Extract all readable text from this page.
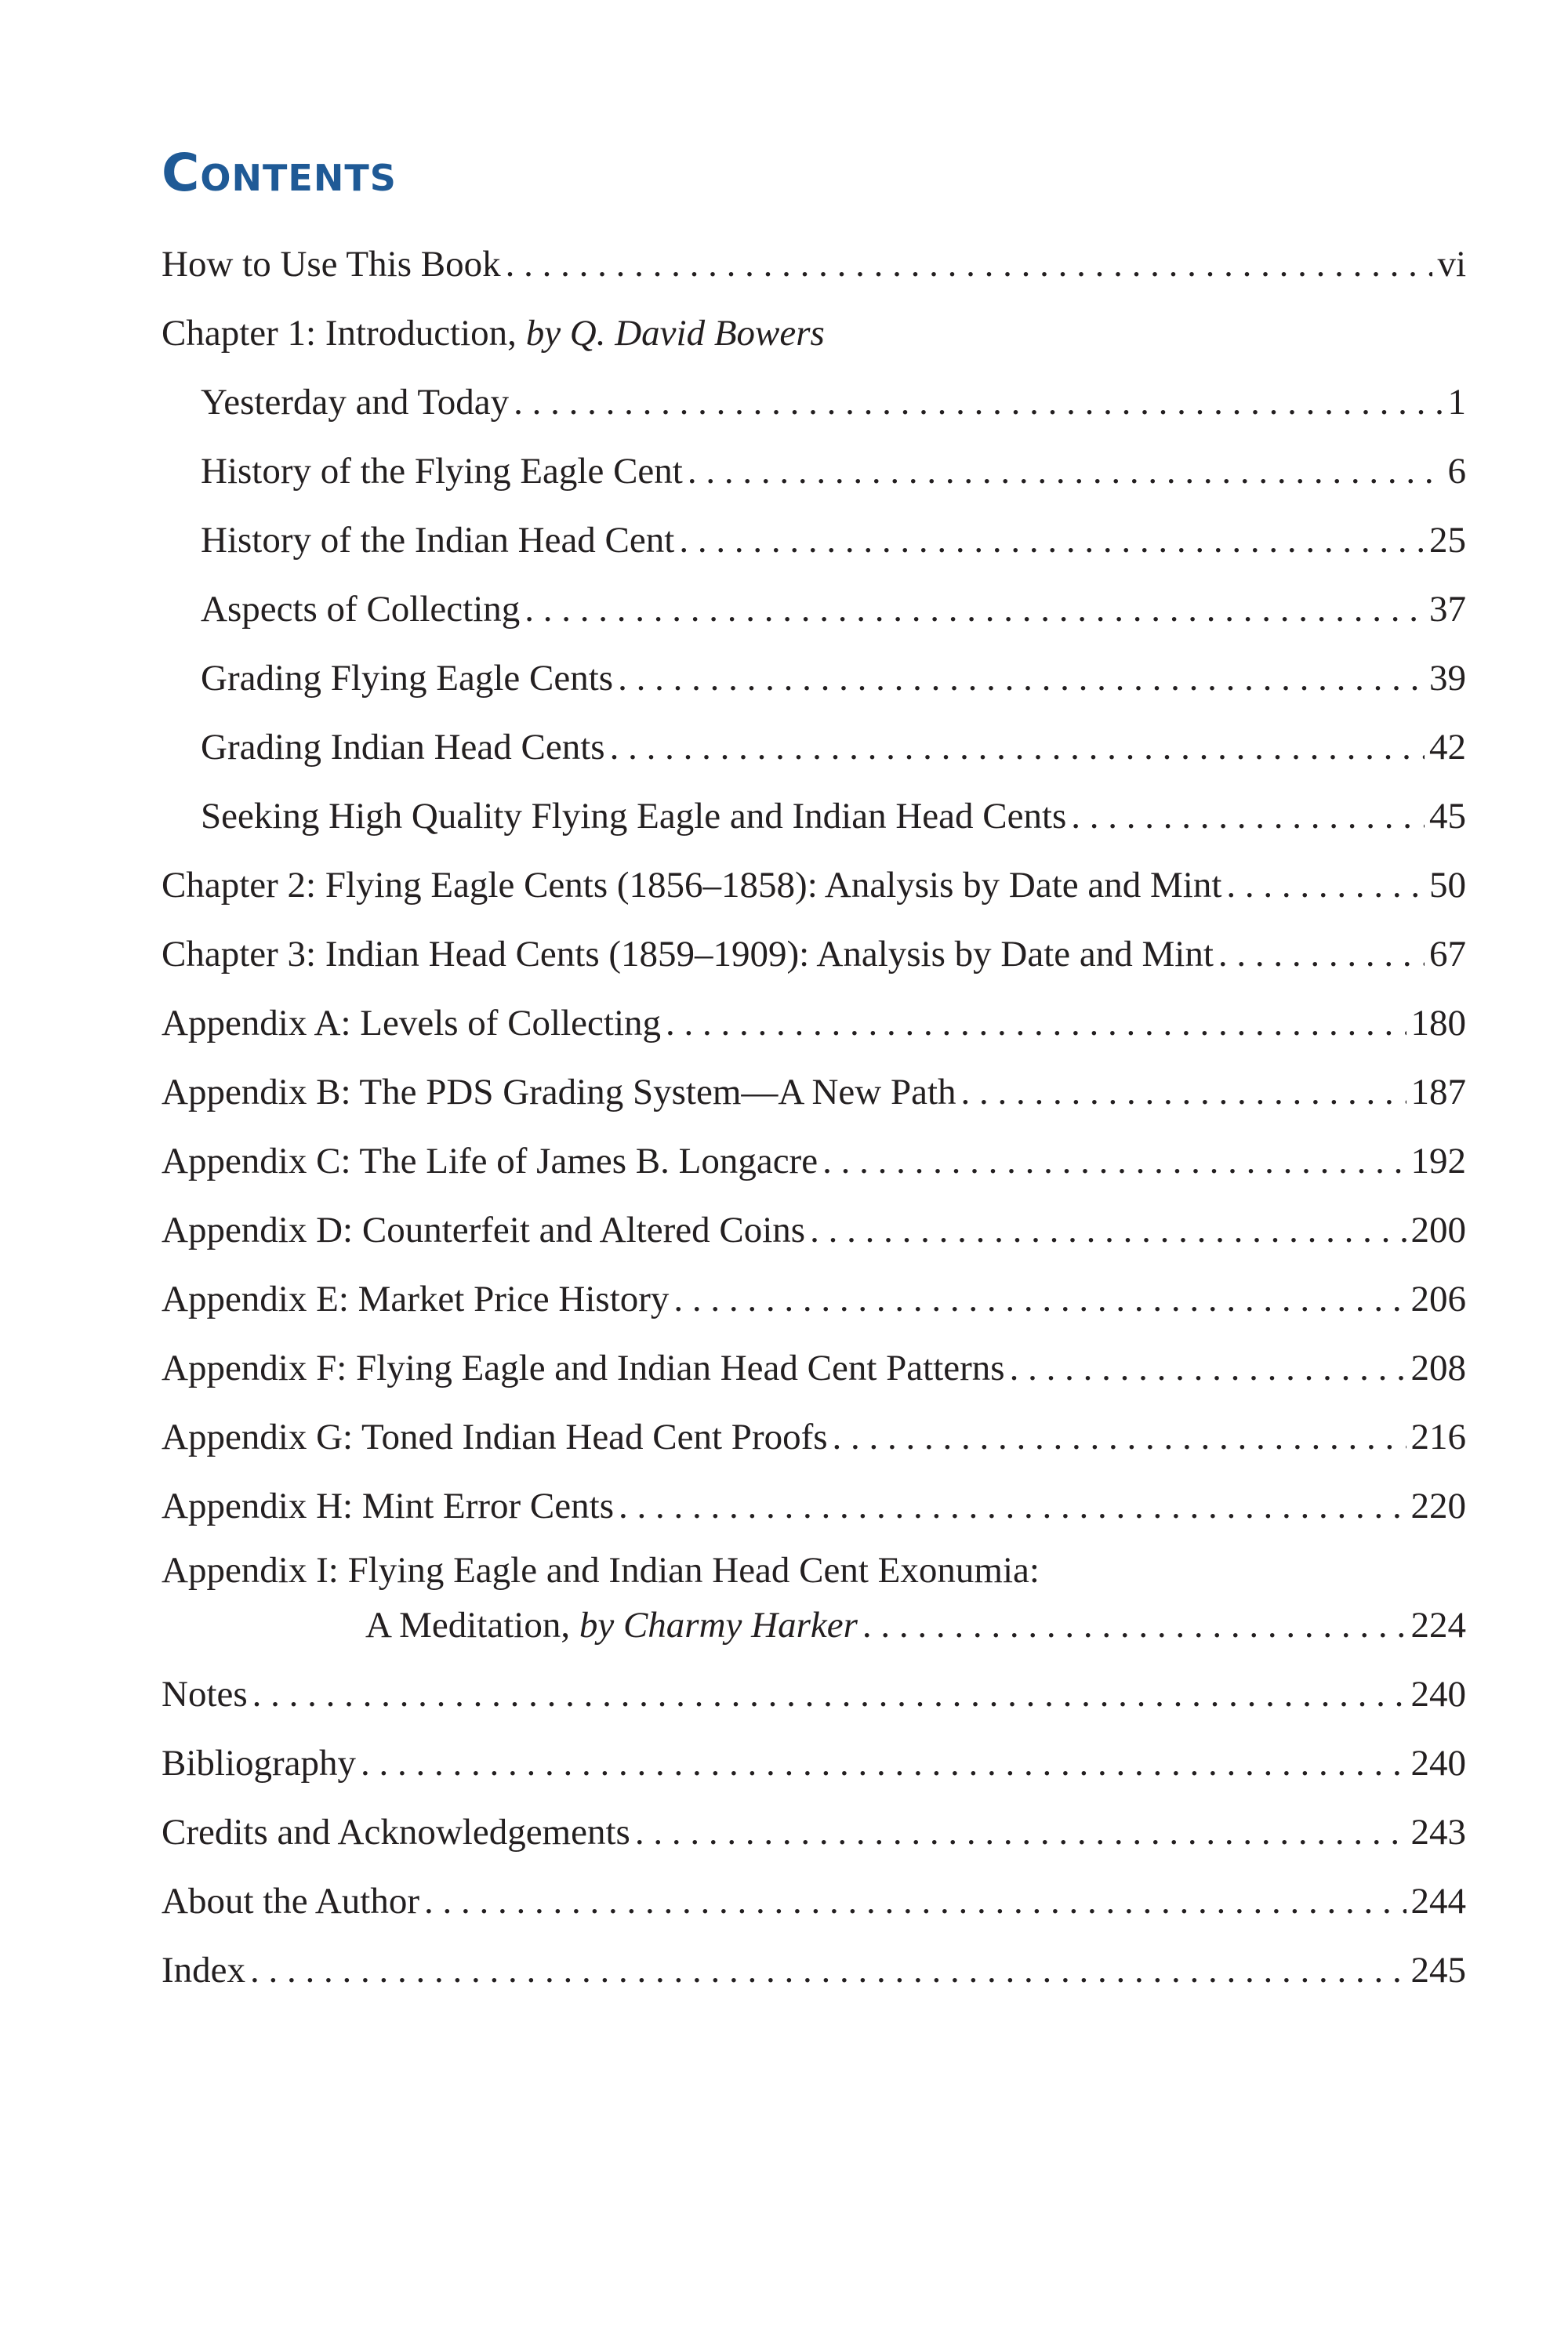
Contents
How to Use This Book . . .	vi
Chapter 1: Introduction, by Q. David Bowers
Yesterday and Today . . .	1
History of the Flying Eagle Cent . . .	6
History of the Indian Head Cent . . .	25
Aspects of Collecting . . .	37
Grading Flying Eagle Cents . . .	39
Grading Indian Head Cents . . .	42
Seeking High Quality Flying Eagle and Indian Head Cents . . .	45
Chapter 2: Flying Eagle Cents (1856–1858): Analysis by Date and Mint . . .	50
Chapter 3: Indian Head Cents (1859–1909): Analysis by Date and Mint . . .	67
Appendix A: Levels of Collecting . . .	180
Appendix B: The PDS Grading System—A New Path . . .	187
Appendix C: The Life of James B. Longacre . . .	192
Appendix D: Counterfeit and Altered Coins . . .	200
Appendix E: Market Price History . . .	206
Appendix F: Flying Eagle and Indian Head Cent Patterns . . .	208
Appendix G: Toned Indian Head Cent Proofs . . .	216
Appendix H: Mint Error Cents . . .	220
Appendix I: Flying Eagle and Indian Head Cent Exonumia:
A Meditation, by Charmy Harker . . .	224
Notes . . .	240
Bibliography . . .	240
Credits and Acknowledgements . . .	243
About the Author . . .	244
Index . . .	245
